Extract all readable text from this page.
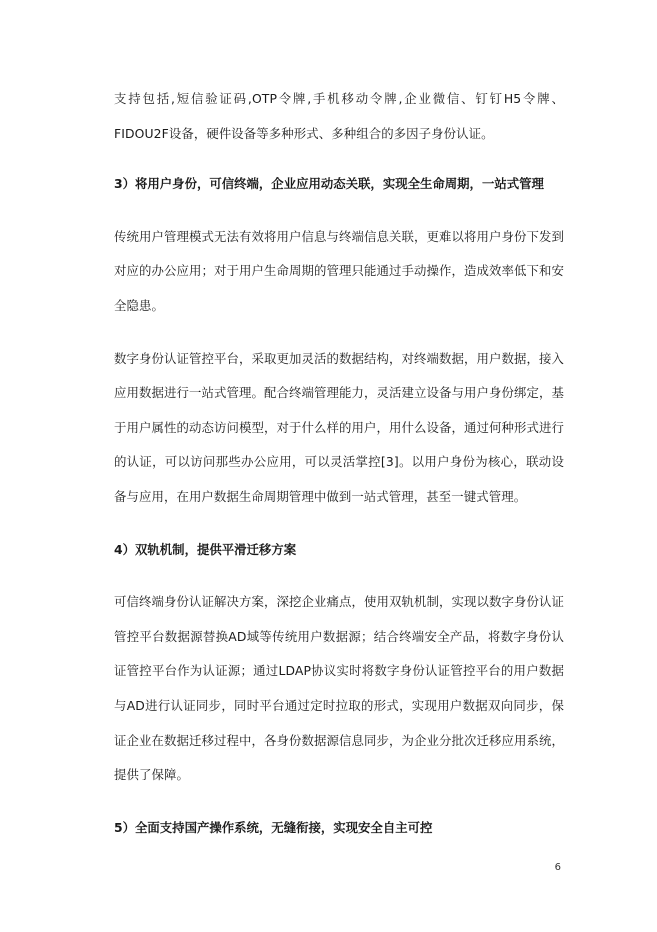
支持包括,短信验证码,OTP令牌,手机移动令牌,企业微信、钉钉H5令牌、FIDOU2F设备，硬件设备等多种形式、多种组合的多因子身份认证。

3）将用户身份，可信终端，企业应用动态关联，实现全生命周期，一站式管理

传统用户管理模式无法有效将用户信息与终端信息关联，更难以将用户身份下发到对应的办公应用；对于用户生命周期的管理只能通过手动操作，造成效率低下和安全隐患。

数字身份认证管控平台，采取更加灵活的数据结构，对终端数据，用户数据，接入应用数据进行一站式管理。配合终端管理能力，灵活建立设备与用户身份绑定，基于用户属性的动态访问模型，对于什么样的用户，用什么设备，通过何种形式进行的认证，可以访问那些办公应用，可以灵活掌控[3]。以用户身份为核心，联动设备与应用，在用户数据生命周期管理中做到一站式管理，甚至一键式管理。

4）双轨机制，提供平滑迁移方案

可信终端身份认证解决方案，深挖企业痛点，使用双轨机制，实现以数字身份认证管控平台数据源替换AD域等传统用户数据源；结合终端安全产品，将数字身份认证管控平台作为认证源；通过LDAP协议实时将数字身份认证管控平台的用户数据与AD进行认证同步，同时平台通过定时拉取的形式，实现用户数据双向同步，保证企业在数据迁移过程中，各身份数据源信息同步，为企业分批次迁移应用系统，提供了保障。

5）全面支持国产操作系统，无缝衔接，实现安全自主可控
6
